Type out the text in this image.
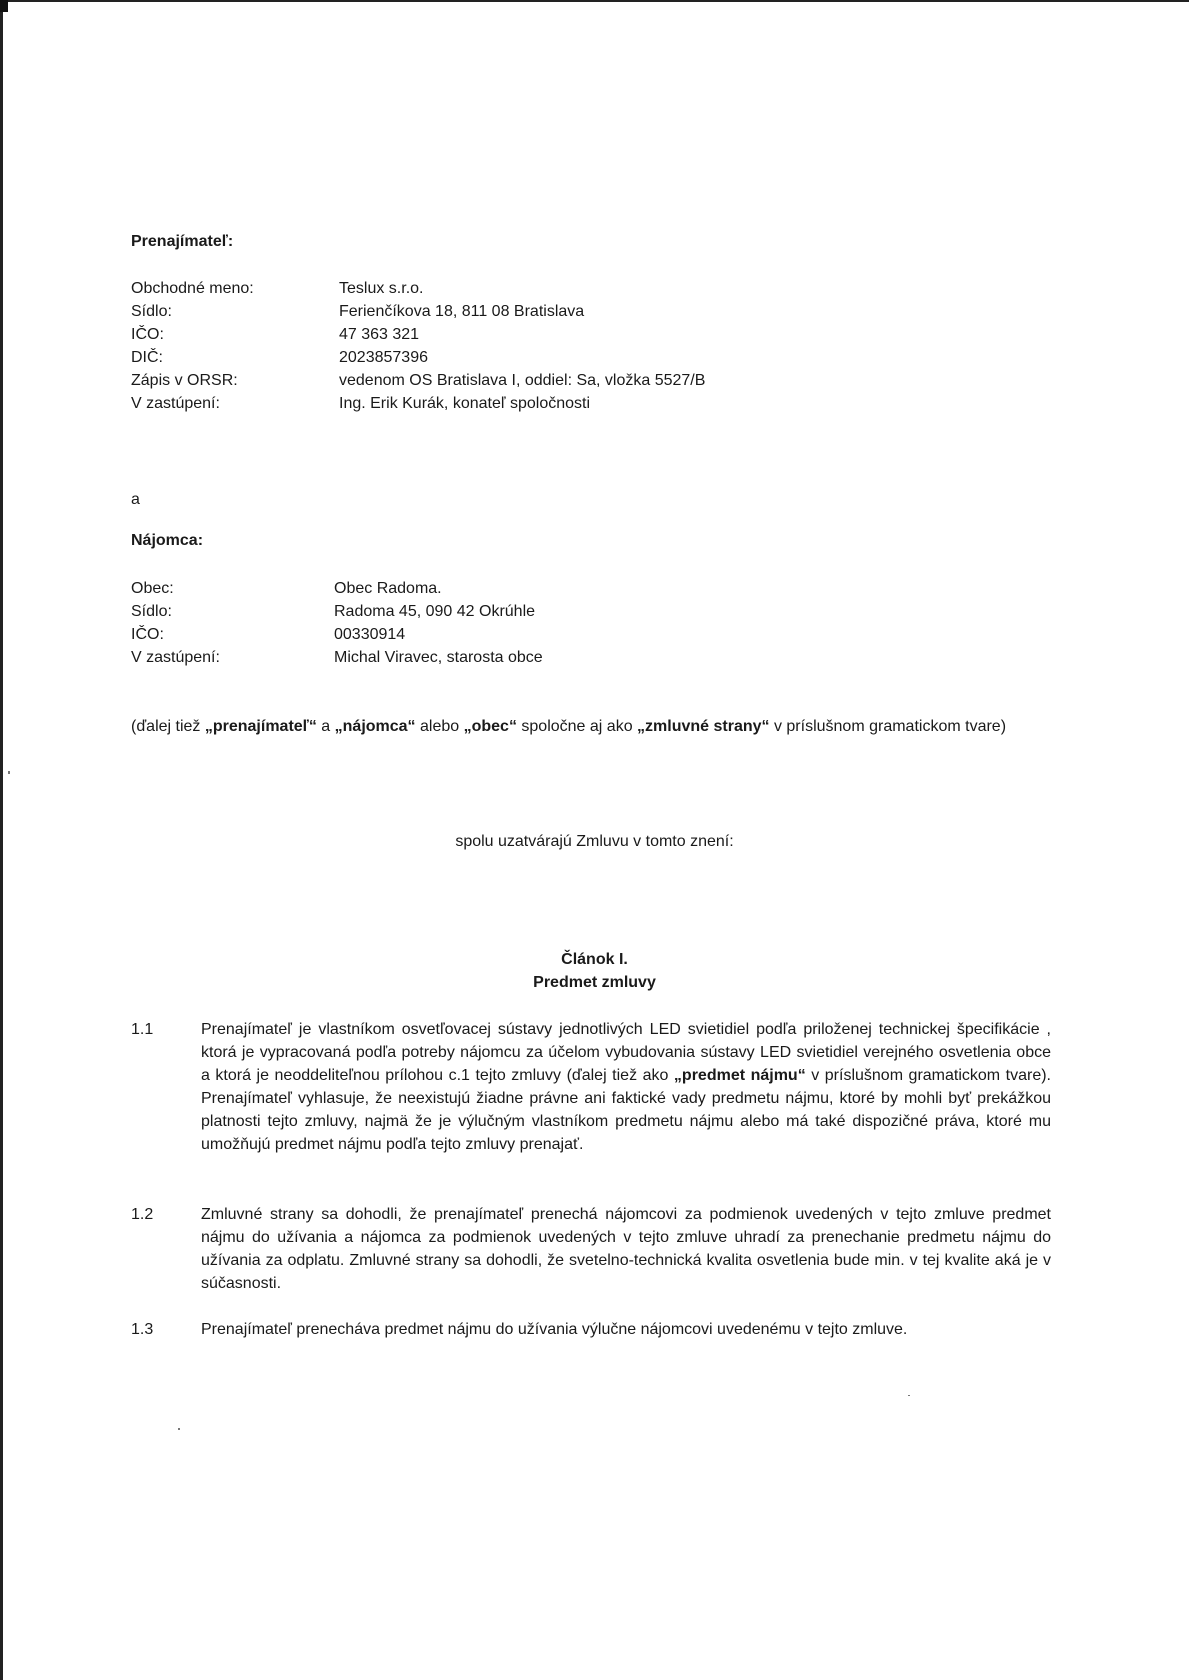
Prenajímateľ:
Obchodné meno:	Teslux s.r.o.
Sídlo:	Ferienčíkova 18, 811 08 Bratislava
IČO:	47 363 321
DIČ:	2023857396
Zápis v ORSR:	vedenom OS Bratislava I, oddiel: Sa, vložka 5527/B
V zastúpení:	Ing. Erik Kurák, konateľ spoločnosti
a
Nájomca:
Obec:	Obec Radoma.
Sídlo:	Radoma 45, 090 42 Okrúhle
IČO:	00330914
V zastúpení:	Michal Viravec, starosta obce
(ďalej tiež „prenajímateľ“ a „nájomca“ alebo „obec“ spoločne aj ako „zmluvné strany“ v príslušnom gramatickom tvare)
spolu uzatvárajú Zmluvu v tomto znení:
Článok I.
Predmet zmluvy
1.1	Prenajímateľ je vlastníkom osvetľovacej sústavy jednotlivých LED svietidiel podľa priloženej technickej špecifikácie , ktorá je vypracovaná podľa potreby nájomcu za účelom vybudovania sústavy LED svietidiel verejného osvetlenia obce a ktorá je neoddeliteľnou prílohou c.1 tejto zmluvy (ďalej tiež ako „predmet nájmu“ v príslušnom gramatickom tvare). Prenajímateľ vyhlasuje, že neexistujú žiadne právne ani faktické vady predmetu nájmu, ktoré by mohli byť prekážkou platnosti tejto zmluvy, najmä že je výlučným vlastníkom predmetu nájmu alebo má také dispozičné práva, ktoré mu umožňujú predmet nájmu podľa tejto zmluvy prenajať.
1.2	Zmluvné strany sa dohodli, že prenajímateľ prenechá nájomcovi za podmienok uvedených v tejto zmluve predmet nájmu do užívania a nájomca za podmienok uvedených v tejto zmluve uhradí za prenechanie predmetu nájmu do užívania za odplatu. Zmluvné strany sa dohodli, že svetelno-technická kvalita osvetlenia bude min. v tej kvalite aká je v súčasnosti.
1.3	Prenajímateľ prenecháva predmet nájmu do užívania výlučne nájomcovi uvedenému v tejto zmluve.
